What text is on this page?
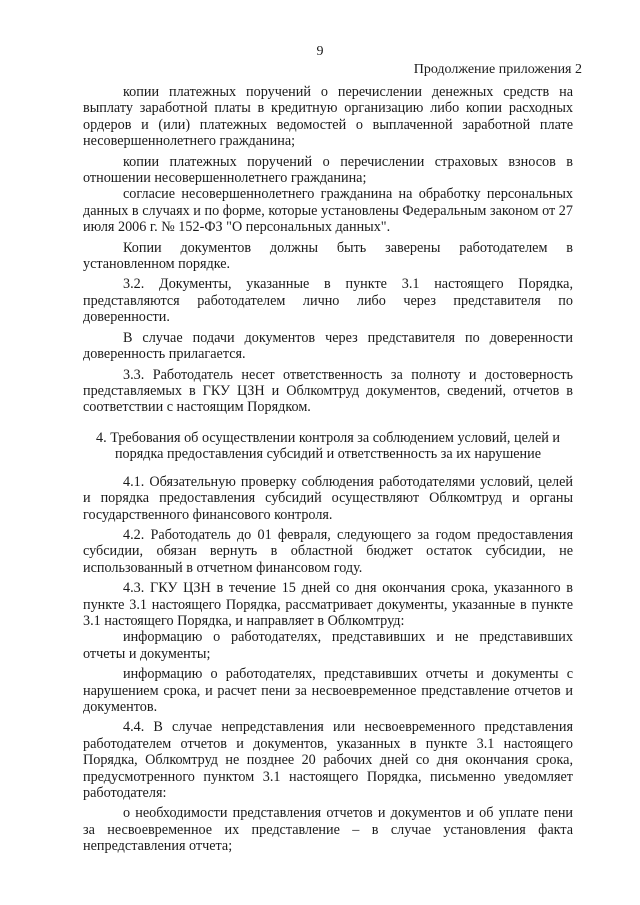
9
Продолжение приложения 2

копии платежных поручений о перечислении денежных средств на выплату заработной платы в кредитную организацию либо копии расходных ордеров и (или) платежных ведомостей о выплаченной заработной плате несовершеннолетнего гражданина;

копии платежных поручений о перечислении страховых взносов в отношении несовершеннолетнего гражданина;

согласие несовершеннолетнего гражданина на обработку персональных данных в случаях и по форме, которые установлены Федеральным законом от 27 июля 2006 г. № 152-ФЗ "О персональных данных".

Копии документов должны быть заверены работодателем в установленном порядке.

3.2. Документы, указанные в пункте 3.1 настоящего Порядка, представляются работодателем лично либо через представителя по доверенности.

В случае подачи документов через представителя по доверенности доверенность прилагается.

3.3. Работодатель несет ответственность за полноту и достоверность представляемых в ГКУ ЦЗН и Облкомтруд документов, сведений, отчетов в соответствии с настоящим Порядком.

4. Требования об осуществлении контроля за соблюдением условий, целей и порядка предоставления субсидий и ответственность за их нарушение

4.1. Обязательную проверку соблюдения работодателями условий, целей и порядка предоставления субсидий осуществляют Облкомтруд и органы государственного финансового контроля.

4.2. Работодатель до 01 февраля, следующего за годом предоставления субсидии, обязан вернуть в областной бюджет остаток субсидии, не использованный в отчетном финансовом году.

4.3. ГКУ ЦЗН в течение 15 дней со дня окончания срока, указанного в пункте 3.1 настоящего Порядка, рассматривает документы, указанные в пункте 3.1 настоящего Порядка, и направляет в Облкомтруд:

информацию о работодателях, представивших и не представивших отчеты и документы;

информацию о работодателях, представивших отчеты и документы с нарушением срока, и расчет пени за несвоевременное представление отчетов и документов.

4.4. В случае непредставления или несвоевременного представления работодателем отчетов и документов, указанных в пункте 3.1 настоящего Порядка, Облкомтруд не позднее 20 рабочих дней со дня окончания срока, предусмотренного пунктом 3.1 настоящего Порядка, письменно уведомляет работодателя:

о необходимости представления отчетов и документов и об уплате пени за несвоевременное их представление – в случае установления факта непредставления отчета;
